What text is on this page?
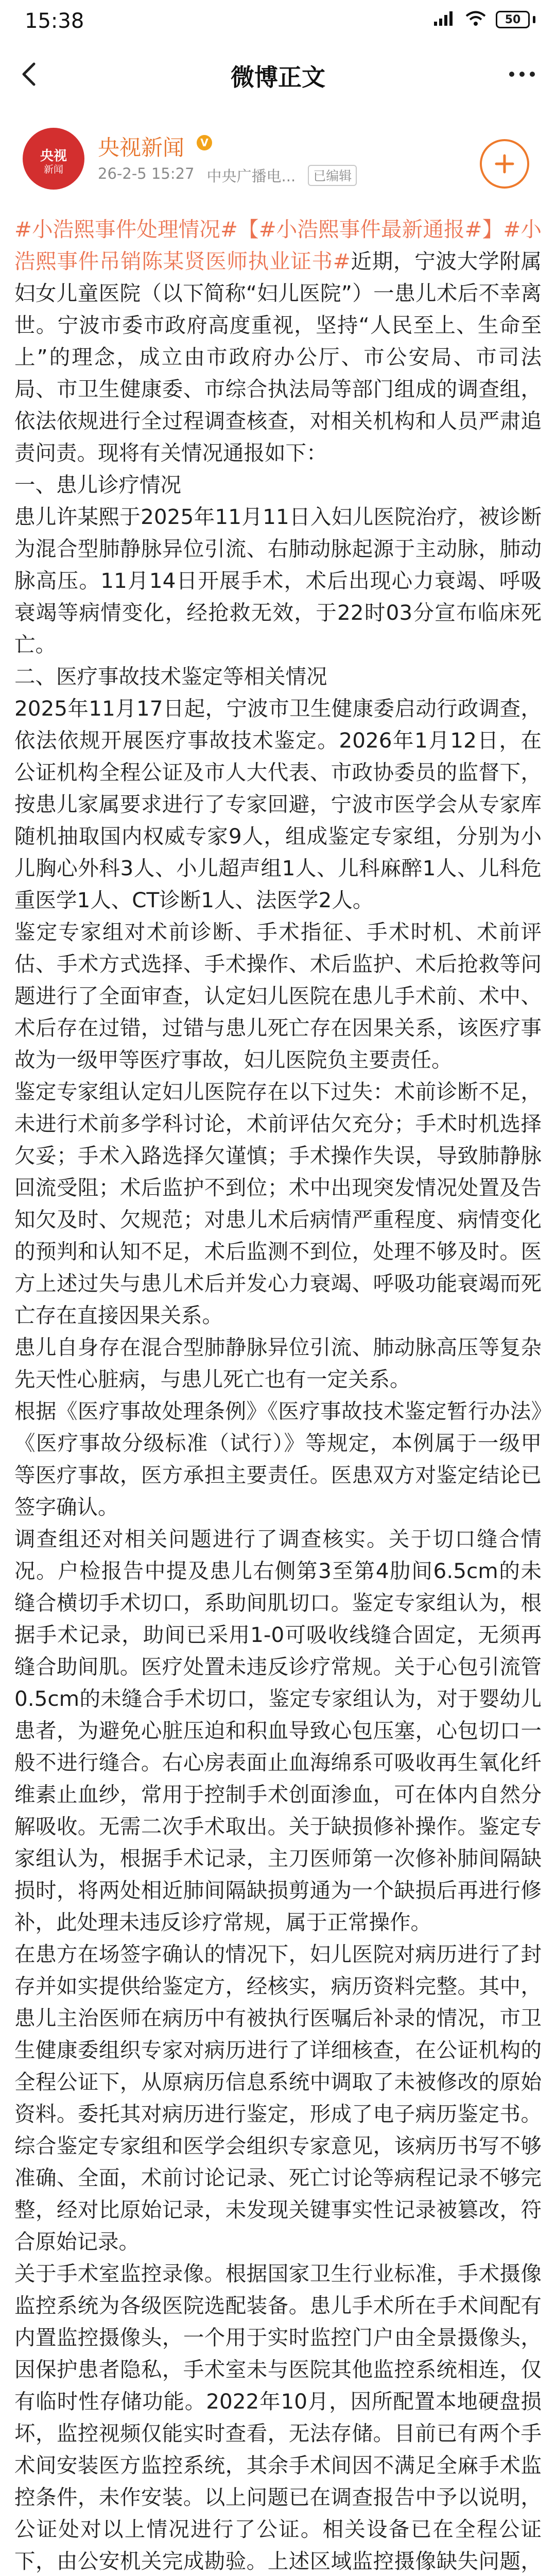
15:38	50
微博正文
央视
新闻
央视新闻 V
26-2-5 15:27 中央广播电...	已编辑

#小浩熙事件处理情况#【#小浩熙事件最新通报#】#小浩熙事件吊销陈某贤医师执业证书#近期，宁波大学附属妇女儿童医院（以下简称“妇儿医院”）一患儿术后不幸离世。宁波市委市政府高度重视，坚持“人民至上、生命至上”的理念，成立由市政府办公厅、市公安局、市司法局、市卫生健康委、市综合执法局等部门组成的调查组，依法依规进行全过程调查核查，对相关机构和人员严肃追责问责。现将有关情况通报如下：

一、患儿诊疗情况

患儿许某熙于2025年11月11日入妇儿医院治疗，被诊断为混合型肺静脉异位引流、右肺动脉起源于主动脉，肺动脉高压。11月14日开展手术，术后出现心力衰竭、呼吸衰竭等病情变化，经抢救无效，于22时03分宣布临床死亡。

二、医疗事故技术鉴定等相关情况

2025年11月17日起，宁波市卫生健康委启动行政调查，依法依规开展医疗事故技术鉴定。2026年1月12日，在公证机构全程公证及市人大代表、市政协委员的监督下，按患儿家属要求进行了专家回避，宁波市医学会从专家库随机抽取国内权威专家9人，组成鉴定专家组，分别为小儿胸心外科3人、小儿超声组1人、儿科麻醉1人、儿科危重医学1人、CT诊断1人、法医学2人。

鉴定专家组对术前诊断、手术指征、手术时机、术前评估、手术方式选择、手术操作、术后监护、术后抢救等问题进行了全面审查，认定妇儿医院在患儿手术前、术中、术后存在过错，过错与患儿死亡存在因果关系，该医疗事故为一级甲等医疗事故，妇儿医院负主要责任。

鉴定专家组认定妇儿医院存在以下过失：术前诊断不足，未进行术前多学科讨论，术前评估欠充分；手术时机选择欠妥；手术入路选择欠谨慎；手术操作失误，导致肺静脉回流受阻；术后监护不到位；术中出现突发情况处置及告知欠及时、欠规范；对患儿术后病情严重程度、病情变化的预判和认知不足，术后监测不到位，处理不够及时。医方上述过失与患儿术后并发心力衰竭、呼吸功能衰竭而死亡存在直接因果关系。

患儿自身存在混合型肺静脉异位引流、肺动脉高压等复杂先天性心脏病，与患儿死亡也有一定关系。

根据《医疗事故处理条例》《医疗事故技术鉴定暂行办法》《医疗事故分级标准（试行）》等规定，本例属于一级甲等医疗事故，医方承担主要责任。医患双方对鉴定结论已签字确认。

调查组还对相关问题进行了调查核实。关于切口缝合情况。户检报告中提及患儿右侧第3至第4肋间6.5cm的未缝合横切手术切口，系助间肌切口。鉴定专家组认为，根据手术记录，助间已采用1-0可吸收线缝合固定，无须再缝合助间肌。医疗处置未违反诊疗常规。关于心包引流管0.5cm的未缝合手术切口，鉴定专家组认为，对于婴幼儿患者，为避免心脏压迫和积血导致心包压塞，心包切口一般不进行缝合。右心房表面止血海绵系可吸收再生氧化纤维素止血纱，常用于控制手术创面渗血，可在体内自然分解吸收。无需二次手术取出。关于缺损修补操作。鉴定专家组认为，根据手术记录，主刀医师第一次修补肺间隔缺损时，将两处相近肺间隔缺损剪通为一个缺损后再进行修补，此处理未违反诊疗常规，属于正常操作。

在患方在场签字确认的情况下，妇儿医院对病历进行了封存并如实提供给鉴定方，经核实，病历资料完整。其中，患儿主治医师在病历中有被执行医嘱后补录的情况，市卫生健康委组织专家对病历进行了详细核查，在公证机构的全程公证下，从原病历信息系统中调取了未被修改的原始资料。委托其对病历进行鉴定，形成了电子病历鉴定书。综合鉴定专家组和医学会组织专家意见，该病历书写不够准确、全面，术前讨论记录、死亡讨论等病程记录不够完整，经对比原始记录，未发现关键事实性记录被篡改，符合原始记录。

关于手术室监控录像。根据国家卫生行业标准，手术摄像监控系统为各级医院选配装备。患儿手术所在手术间配有内置监控摄像头，一个用于实时监控门户由全景摄像头，因保护患者隐私，手术室未与医院其他监控系统相连，仅有临时性存储功能。2022年10月，因所配置本地硬盘损坏，监控视频仅能实时查看，无法存储。目前已有两个手术间安装医方监控系统，其余手术间因不满足全麻手术监控条件，未作安装。以上问题已在调查报告中予以说明，公证处对以上情况进行了公证。相关设备已在全程公证下，由公安机关完成勘验。上述区域监控摄像缺失问题，
